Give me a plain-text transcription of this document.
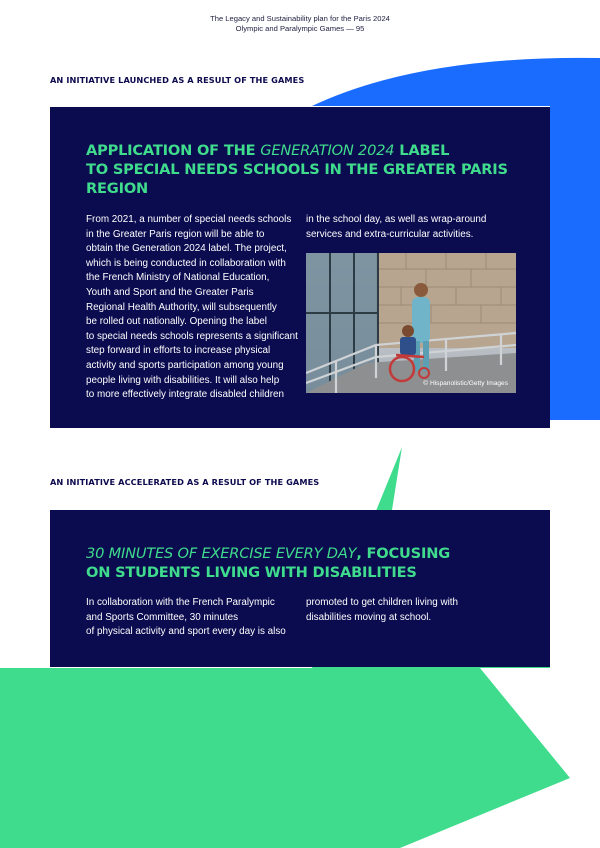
The Legacy and Sustainability plan for the Paris 2024
Olympic and Paralympic Games — 95
AN INITIATIVE LAUNCHED AS A RESULT OF THE GAMES
APPLICATION OF THE GENERATION 2024 LABEL
TO SPECIAL NEEDS SCHOOLS IN THE GREATER PARIS
REGION
From 2021, a number of special needs schools
in the Greater Paris region will be able to
obtain the Generation 2024 label. The project,
which is being conducted in collaboration with
the French Ministry of National Education,
Youth and Sport and the Greater Paris
Regional Health Authority, will subsequently
be rolled out nationally. Opening the label
to special needs schools represents a significant
step forward in efforts to increase physical
activity and sports participation among young
people living with disabilities. It will also help
to more effectively integrate disabled children
in the school day, as well as wrap-around
services and extra-curricular activities.
© Hispanolistic/Getty Images
AN INITIATIVE ACCELERATED AS A RESULT OF THE GAMES
30 MINUTES OF EXERCISE EVERY DAY, FOCUSING
ON STUDENTS LIVING WITH DISABILITIES
In collaboration with the French Paralympic
and Sports Committee, 30 minutes
of physical activity and sport every day is also
promoted to get children living with
disabilities moving at school.
